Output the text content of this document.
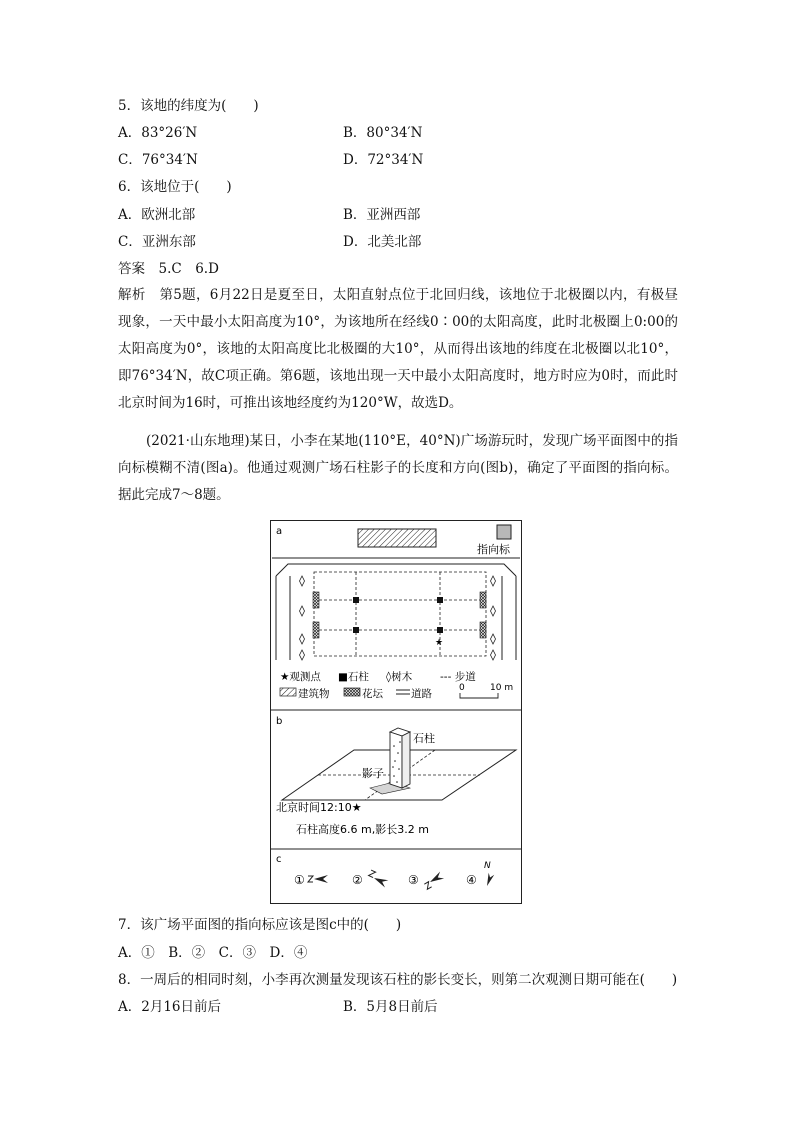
5．该地的纬度为(　　)
A．83°26′N	B．80°34′N
C．76°34′N	D．72°34′N
6．该地位于(　　)
A．欧洲北部	B．亚洲西部
C．亚洲东部	D．北美北部
答案　5.C　6.D

解析　第5题，6月22日是夏至日，太阳直射点位于北回归线，该地位于北极圈以内，有极昼现象，一天中最小太阳高度为10°，为该地所在经线0∶00的太阳高度，此时北极圈上0:00的太阳高度为0°，该地的太阳高度比北极圈的大10°，从而得出该地的纬度在北极圈以北10°，即76°34′N，故C项正确。第6题，该地出现一天中最小太阳高度时，地方时应为0时，而此时北京时间为16时，可推出该地经度约为120°W，故选D。

(2021·山东地理)某日，小李在某地(110°E，40°N)广场游玩时，发现广场平面图中的指向标模糊不清(图a)。他通过观测广场石柱影子的长度和方向(图b)，确定了平面图的指向标。据此完成7～8题。

a
指向标
★
★观测点 ■石柱 ◊树木	--- 步道
建筑物	花坛	道路	0	10 m
b
石柱
影子
北京时间12:10★
石柱高度6.6 m,影长3.2 m
c
①	②	③	④
N
7．该广场平面图的指向标应该是图c中的(　　)
A．①　B．②　C．③　D．④
8．一周后的相同时刻，小李再次测量发现该石柱的影长变长，则第二次观测日期可能在(　　)
A．2月16日前后	B．5月8日前后
